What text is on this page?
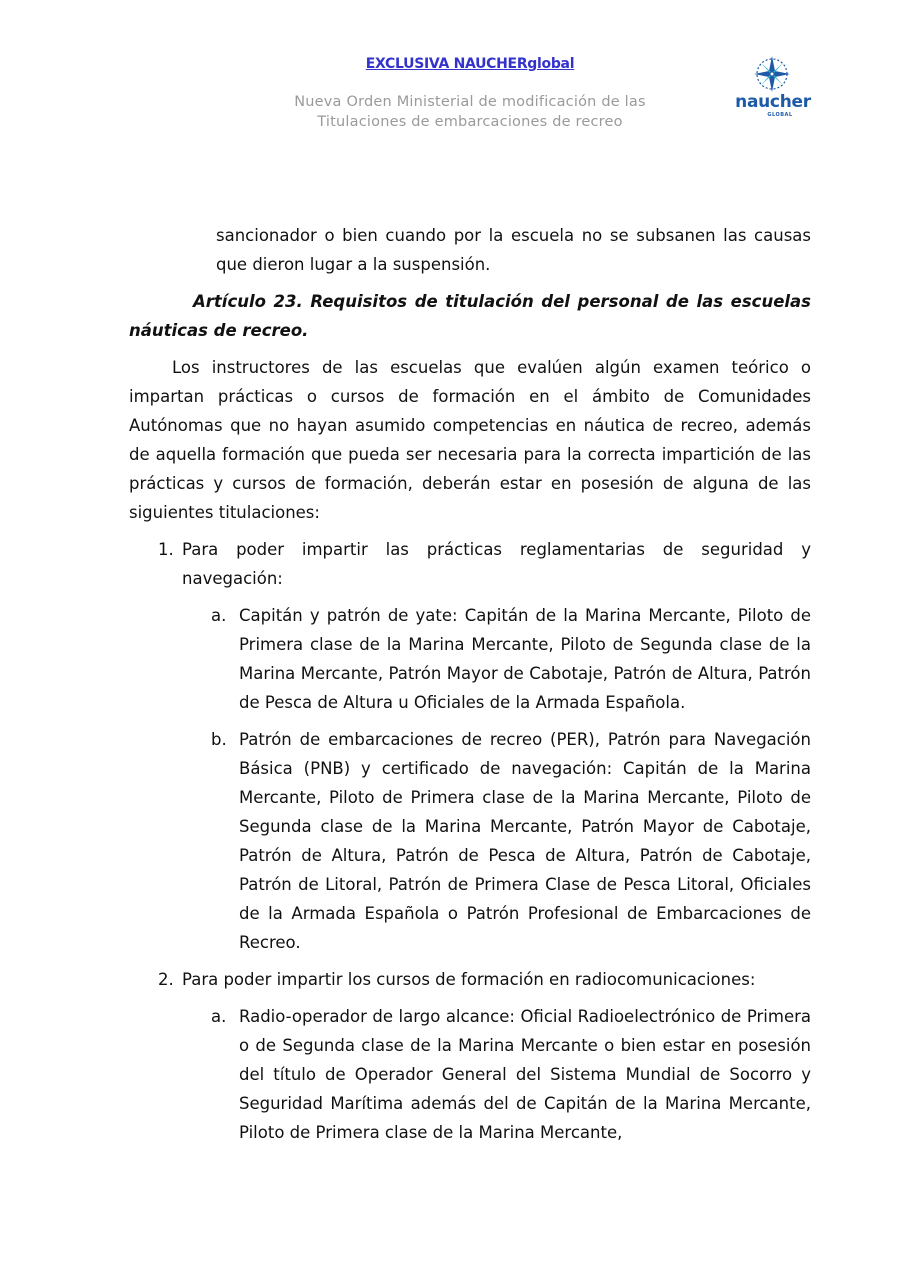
EXCLUSIVA NAUCHERglobal
Nueva Orden Ministerial de modificación de las
Titulaciones de embarcaciones de recreo
naucher
GLOBAL

sancionador o bien cuando por la escuela no se subsanen las causas que dieron lugar a la suspensión.

Artículo 23. Requisitos de titulación del personal de las escuelas náuticas de recreo.

Los instructores de las escuelas que evalúen algún examen teórico o impartan prácticas o cursos de formación en el ámbito de Comunidades Autónomas que no hayan asumido competencias en náutica de recreo, además de aquella formación que pueda ser necesaria para la correcta impartición de las prácticas y cursos de formación, deberán estar en posesión de alguna de las siguientes titulaciones:

1. Para poder impartir las prácticas reglamentarias de seguridad y navegación:
a. Capitán y patrón de yate: Capitán de la Marina Mercante, Piloto de Primera clase de la Marina Mercante, Piloto de Segunda clase de la Marina Mercante, Patrón Mayor de Cabotaje, Patrón de Altura, Patrón de Pesca de Altura u Oficiales de la Armada Española.
b. Patrón de embarcaciones de recreo (PER), Patrón para Navegación Básica (PNB) y certificado de navegación: Capitán de la Marina Mercante, Piloto de Primera clase de la Marina Mercante, Piloto de Segunda clase de la Marina Mercante, Patrón Mayor de Cabotaje, Patrón de Altura, Patrón de Pesca de Altura, Patrón de Cabotaje, Patrón de Litoral, Patrón de Primera Clase de Pesca Litoral, Oficiales de la Armada Española o Patrón Profesional de Embarcaciones de Recreo.
2. Para poder impartir los cursos de formación en radiocomunicaciones:
a. Radio-operador de largo alcance: Oficial Radioelectrónico de Primera o de Segunda clase de la Marina Mercante o bien estar en posesión del título de Operador General del Sistema Mundial de Socorro y Seguridad Marítima además del de Capitán de la Marina Mercante, Piloto de Primera clase de la Marina Mercante,
